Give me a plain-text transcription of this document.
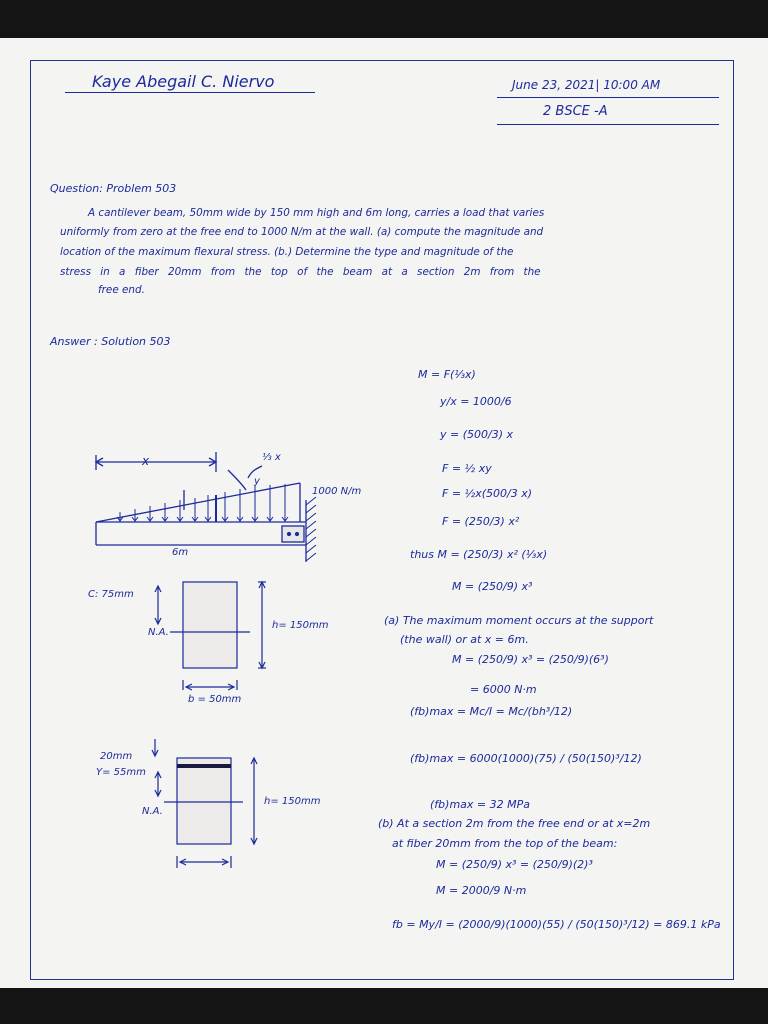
Kaye Abegail C. Niervo	June 23, 2021| 10:00 AM
2 BSCE -A
Question: Problem 503
A cantilever beam, 50mm wide by 150 mm high and 6m long, carries a load that varies
uniformly from zero at the free end to 1000 N/m at the wall. (a) compute the magnitude and
location of the maximum flexural stress. (b.) Determine the type and magnitude of the
stress in a fiber 20mm from the top of the beam at a section 2m from the
free end.
Answer : Solution 503
x	⅓ x
y
1000 N/m
6m
C: 75mm
N.A.
h= 150mm
b = 50mm
20mm
Y= 55mm
N.A.
h= 150mm
M = F(⅓x)
y/x = 1000/6
y = (500/3) x
F = ½ xy
F = ½x(500/3 x)
F = (250/3) x²
thus M = (250/3) x² (⅓x)
M = (250/9) x³
(a) The maximum moment occurs at the support
(the wall) or at x = 6m.
M = (250/9) x³ = (250/9)(6³)
= 6000 N·m
(fb)max = Mc/I = Mc/(bh³/12)
(fb)max = 6000(1000)(75) / (50(150)³/12)
(fb)max = 32 MPa
(b) At a section 2m from the free end or at x=2m
at fiber 20mm from the top of the beam:
M = (250/9) x³ = (250/9)(2)³
M = 2000/9 N·m
fb = My/I = (2000/9)(1000)(55) / (50(150)³/12) = 869.1 kPa
